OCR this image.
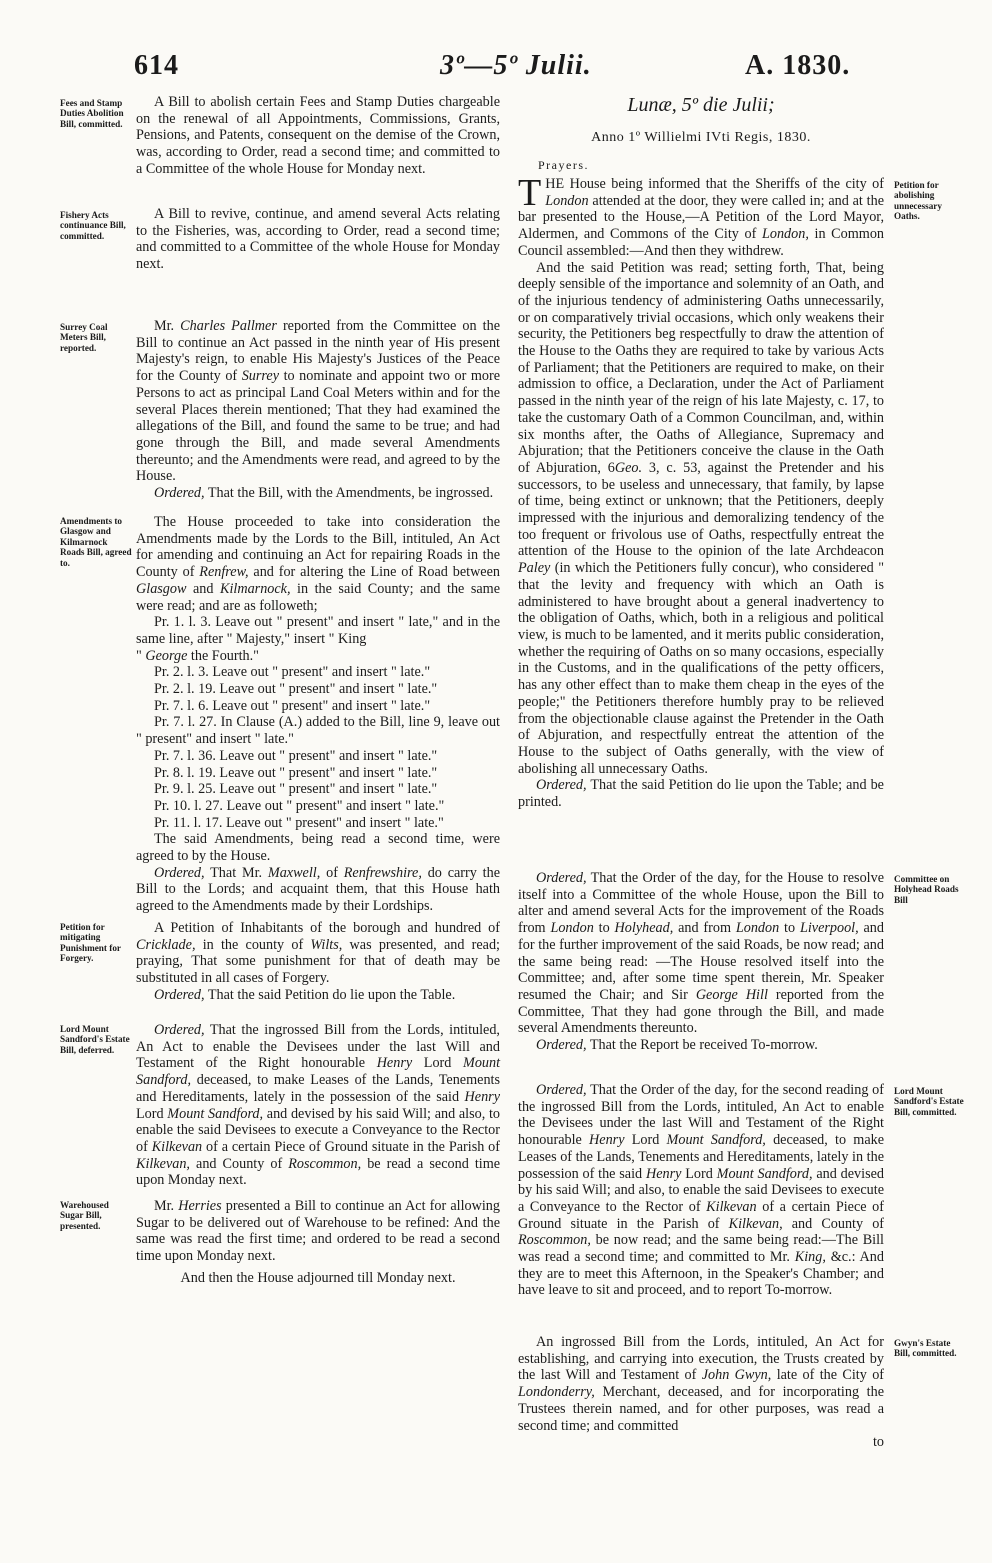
614	3º—5º Julii.	A. 1830.
Fees and Stamp Duties Abolition Bill, committed.
Fishery Acts continuance Bill, committed.
Surrey Coal Meters Bill, reported.
Amendments to Glasgow and Kilmarnock Roads Bill, agreed to.
Petition for mitigating Punishment for Forgery.
Lord Mount Sandford's Estate Bill, deferred.
Warehoused Sugar Bill, presented.

A Bill to abolish certain Fees and Stamp Duties chargeable on the renewal of all Appointments, Commissions, Grants, Pensions, and Patents, consequent on the demise of the Crown, was, according to Order, read a second time; and committed to a Committee of the whole House for Monday next.

A Bill to revive, continue, and amend several Acts relating to the Fisheries, was, according to Order, read a second time; and committed to a Committee of the whole House for Monday next.

Mr. Charles Pallmer reported from the Committee on the Bill to continue an Act passed in the ninth year of His present Majesty's reign, to enable His Majesty's Justices of the Peace for the County of Surrey to nominate and appoint two or more Persons to act as principal Land Coal Meters within and for the several Places therein mentioned; That they had examined the allegations of the Bill, and found the same to be true; and had gone through the Bill, and made several Amendments thereunto; and the Amendments were read, and agreed to by the House.

Ordered, That the Bill, with the Amendments, be ingrossed.

The House proceeded to take into consideration the Amendments made by the Lords to the Bill, intituled, An Act for amending and continuing an Act for repairing Roads in the County of Renfrew, and for altering the Line of Road between Glasgow and Kilmarnock, in the said County; and the same were read; and are as followeth;

Pr. 1. l. 3. Leave out " present" and insert " late," and in the same line, after " Majesty," insert " King
" George the Fourth."

Pr. 2. l. 3. Leave out " present" and insert " late."

Pr. 2. l. 19. Leave out " present" and insert " late."

Pr. 7. l. 6. Leave out " present" and insert " late."

Pr. 7. l. 27. In Clause (A.) added to the Bill, line 9, leave out " present" and insert " late."

Pr. 7. l. 36. Leave out " present" and insert " late."

Pr. 8. l. 19. Leave out " present" and insert " late."

Pr. 9. l. 25. Leave out " present" and insert " late."

Pr. 10. l. 27. Leave out " present" and insert " late."

Pr. 11. l. 17. Leave out " present" and insert " late."

The said Amendments, being read a second time, were agreed to by the House.

Ordered, That Mr. Maxwell, of Renfrewshire, do carry the Bill to the Lords; and acquaint them, that this House hath agreed to the Amendments made by their Lordships.

A Petition of Inhabitants of the borough and hundred of Cricklade, in the county of Wilts, was presented, and read; praying, That some punishment for that of death may be substituted in all cases of Forgery.

Ordered, That the said Petition do lie upon the Table.

Ordered, That the ingrossed Bill from the Lords, intituled, An Act to enable the Devisees under the last Will and Testament of the Right honourable Henry Lord Mount Sandford, deceased, to make Leases of the Lands, Tenements and Hereditaments, lately in the possession of the said Henry Lord Mount Sandford, and devised by his said Will; and also, to enable the said Devisees to execute a Conveyance to the Rector of Kilkevan of a certain Piece of Ground situate in the Parish of Kilkevan, and County of Roscommon, be read a second time upon Monday next.

Mr. Herries presented a Bill to continue an Act for allowing Sugar to be delivered out of Warehouse to be refined: And the same was read the first time; and ordered to be read a second time upon Monday next.

And then the House adjourned till Monday next.
Lunæ, 5º die Julii;
Anno 1º Willielmi IVti Regis, 1830.
Prayers.
Petition for abolishing unnecessary Oaths.
Committee on Holyhead Roads Bill
Lord Mount Sandford's Estate Bill, committed.
Gwyn's Estate Bill, committed.

THE House being informed that the Sheriffs of the city of London attended at the door, they were called in; and at the bar presented to the House,—A Petition of the Lord Mayor, Aldermen, and Commons of the City of London, in Common Council assembled:—And then they withdrew.

And the said Petition was read; setting forth, That, being deeply sensible of the importance and solemnity of an Oath, and of the injurious tendency of administering Oaths unnecessarily, or on comparatively trivial occasions, which only weakens their security, the Petitioners beg respectfully to draw the attention of the House to the Oaths they are required to take by various Acts of Parliament; that the Petitioners are required to make, on their admission to office, a Declaration, under the Act of Parliament passed in the ninth year of the reign of his late Majesty, c. 17, to take the customary Oath of a Common Councilman, and, within six months after, the Oaths of Allegiance, Supremacy and Abjuration; that the Petitioners conceive the clause in the Oath of Abjuration, 6Geo. 3, c. 53, against the Pretender and his successors, to be useless and unnecessary, that family, by lapse of time, being extinct or unknown; that the Petitioners, deeply impressed with the injurious and demoralizing tendency of the too frequent or frivolous use of Oaths, respectfully entreat the attention of the House to the opinion of the late Archdeacon Paley (in which the Petitioners fully concur), who considered " that the levity and frequency with which an Oath is administered to have brought about a general inadvertency to the obligation of Oaths, which, both in a religious and political view, is much to be lamented, and it merits public consideration, whether the requiring of Oaths on so many occasions, especially in the Customs, and in the qualifications of the petty officers, has any other effect than to make them cheap in the eyes of the people;" the Petitioners therefore humbly pray to be relieved from the objectionable clause against the Pretender in the Oath of Abjuration, and respectfully entreat the attention of the House to the subject of Oaths generally, with the view of abolishing all unnecessary Oaths.

Ordered, That the said Petition do lie upon the Table; and be printed.

Ordered, That the Order of the day, for the House to resolve itself into a Committee of the whole House, upon the Bill to alter and amend several Acts for the improvement of the Roads from London to Holyhead, and from London to Liverpool, and for the further improvement of the said Roads, be now read; and the same being read: —The House resolved itself into the Committee; and, after some time spent therein, Mr. Speaker resumed the Chair; and Sir George Hill reported from the Committee, That they had gone through the Bill, and made several Amendments thereunto.

Ordered, That the Report be received To-morrow.

Ordered, That the Order of the day, for the second reading of the ingrossed Bill from the Lords, intituled, An Act to enable the Devisees under the last Will and Testament of the Right honourable Henry Lord Mount Sandford, deceased, to make Leases of the Lands, Tenements and Hereditaments, lately in the possession of the said Henry Lord Mount Sandford, and devised by his said Will; and also, to enable the said Devisees to execute a Conveyance to the Rector of Kilkevan of a certain Piece of Ground situate in the Parish of Kilkevan, and County of Roscommon, be now read; and the same being read:—The Bill was read a second time; and committed to Mr. King, &c.: And they are to meet this Afternoon, in the Speaker's Chamber; and have leave to sit and proceed, and to report To-morrow.

An ingrossed Bill from the Lords, intituled, An Act for establishing, and carrying into execution, the Trusts created by the last Will and Testament of John Gwyn, late of the City of Londonderry, Merchant, deceased, and for incorporating the Trustees therein named, and for other purposes, was read a second time; and committed

to
